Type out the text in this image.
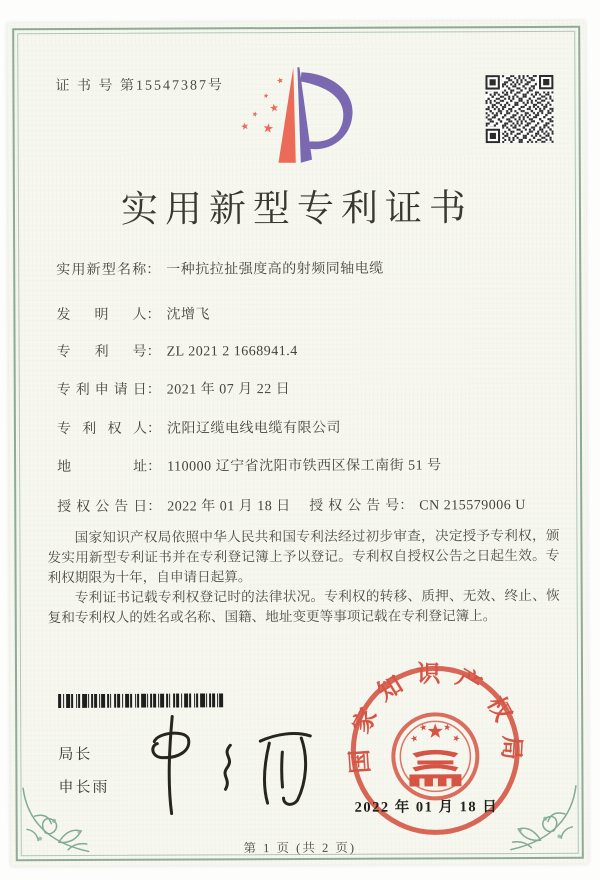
证 书 号 第15547387号
实用新型专利证书
实用新型名称： 一种抗拉扯强度高的射频同轴电缆
发明人： 沈增飞
专利号： ZL 2021 2 1668941.4
专利申请日： 2021 年 07 月 22 日
专利权人： 沈阳辽缆电线电缆有限公司
地址： 110000 辽宁省沈阳市铁西区保工南街 51 号
授权公告日： 2022 年 01 月 18 日 授权公告号： CN 215579006 U

国家知识产权局依照中华人民共和国专利法经过初步审查，决定授予专利权，颁发实用新型专利证书并在专利登记簿上予以登记。专利权自授权公告之日起生效。专利权期限为十年，自申请日起算。

专利证书记载专利权登记时的法律状况。专利权的转移、质押、无效、终止、恢复和专利权人的姓名或名称、国籍、地址变更等事项记载在专利登记簿上。

局长
申长雨
国家知识产权局
2022 年 01 月 18 日
第 1 页 (共 2 页)
